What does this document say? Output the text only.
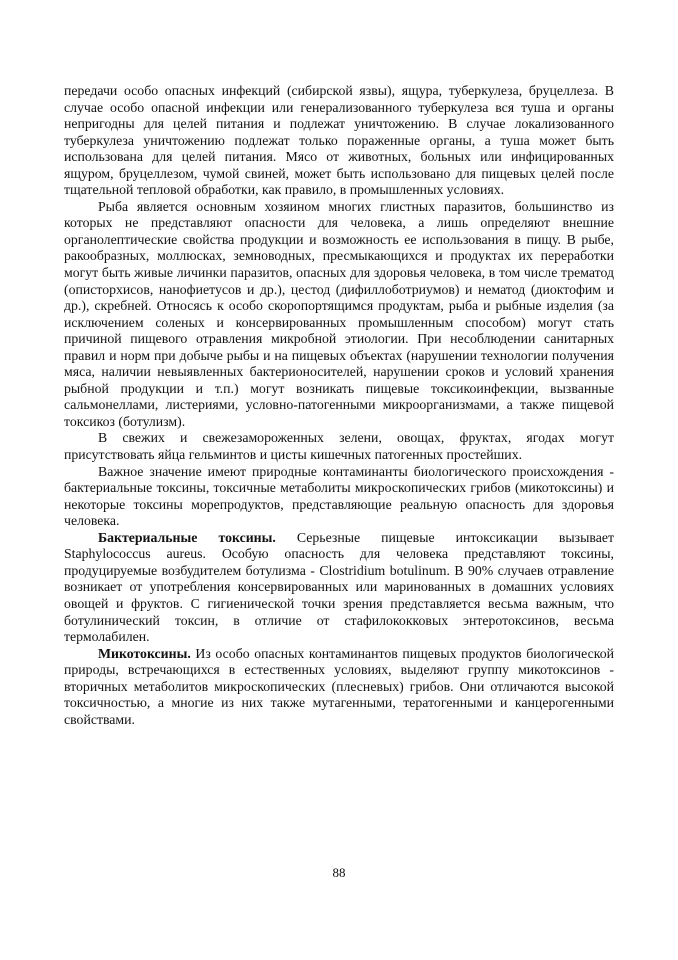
передачи особо опасных инфекций (сибирской язвы), ящура, туберкулеза, бруцеллеза. В случае особо опасной инфекции или генерализованного туберкулеза вся туша и органы непригодны для целей питания и подлежат уничтожению. В случае локализованного туберкулеза уничтожению подлежат только пораженные органы, а туша может быть использована для целей питания. Мясо от животных, больных или инфицированных ящуром, бруцеллезом, чумой свиней, может быть использовано для пищевых целей после тщательной тепловой обработки, как правило, в промышленных условиях.

Рыба является основным хозяином многих глистных паразитов, большинство из которых не представляют опасности для человека, а лишь определяют внешние органолептические свойства продукции и возможность ее использования в пищу. В рыбе, ракообразных, моллюсках, земноводных, пресмыкающихся и продуктах их переработки могут быть живые личинки паразитов, опасных для здоровья человека, в том числе трематод (описторхисов, нанофиетусов и др.), цестод (дифиллоботриумов) и нематод (диоктофим и др.), скребней. Относясь к особо скоропортящимся продуктам, рыба и рыбные изделия (за исключением соленых и консервированных промышленным способом) могут стать причиной пищевого отравления микробной этиологии. При несоблюдении санитарных правил и норм при добыче рыбы и на пищевых объектах (нарушении технологии получения мяса, наличии невыявленных бактерионосителей, нарушении сроков и условий хранения рыбной продукции и т.п.) могут возникать пищевые токсикоинфекции, вызванные сальмонеллами, листериями, условно-патогенными микроорганизмами, а также пищевой токсикоз (ботулизм).

В свежих и свежезамороженных зелени, овощах, фруктах, ягодах могут присутствовать яйца гельминтов и цисты кишечных патогенных простейших.

Важное значение имеют природные контаминанты биологического происхождения - бактериальные токсины, токсичные метаболиты микроскопических грибов (микотоксины) и некоторые токсины морепродуктов, представляющие реальную опасность для здоровья человека.

Бактериальные токсины. Серьезные пищевые интоксикации вызывает Staphylococcus aureus. Особую опасность для человека представляют токсины, продуцируемые возбудителем ботулизма - Clostridium botulinum. В 90% случаев отравление возникает от употребления консервированных или маринованных в домашних условиях овощей и фруктов. С гигиенической точки зрения представляется весьма важным, что ботулинический токсин, в отличие от стафилококковых энтеротоксинов, весьма термолабилен.

Микотоксины. Из особо опасных контаминантов пищевых продуктов биологической природы, встречающихся в естественных условиях, выделяют группу микотоксинов - вторичных метаболитов микроскопических (плесневых) грибов. Они отличаются высокой токсичностью, а многие из них также мутагенными, тератогенными и канцерогенными свойствами.

88
